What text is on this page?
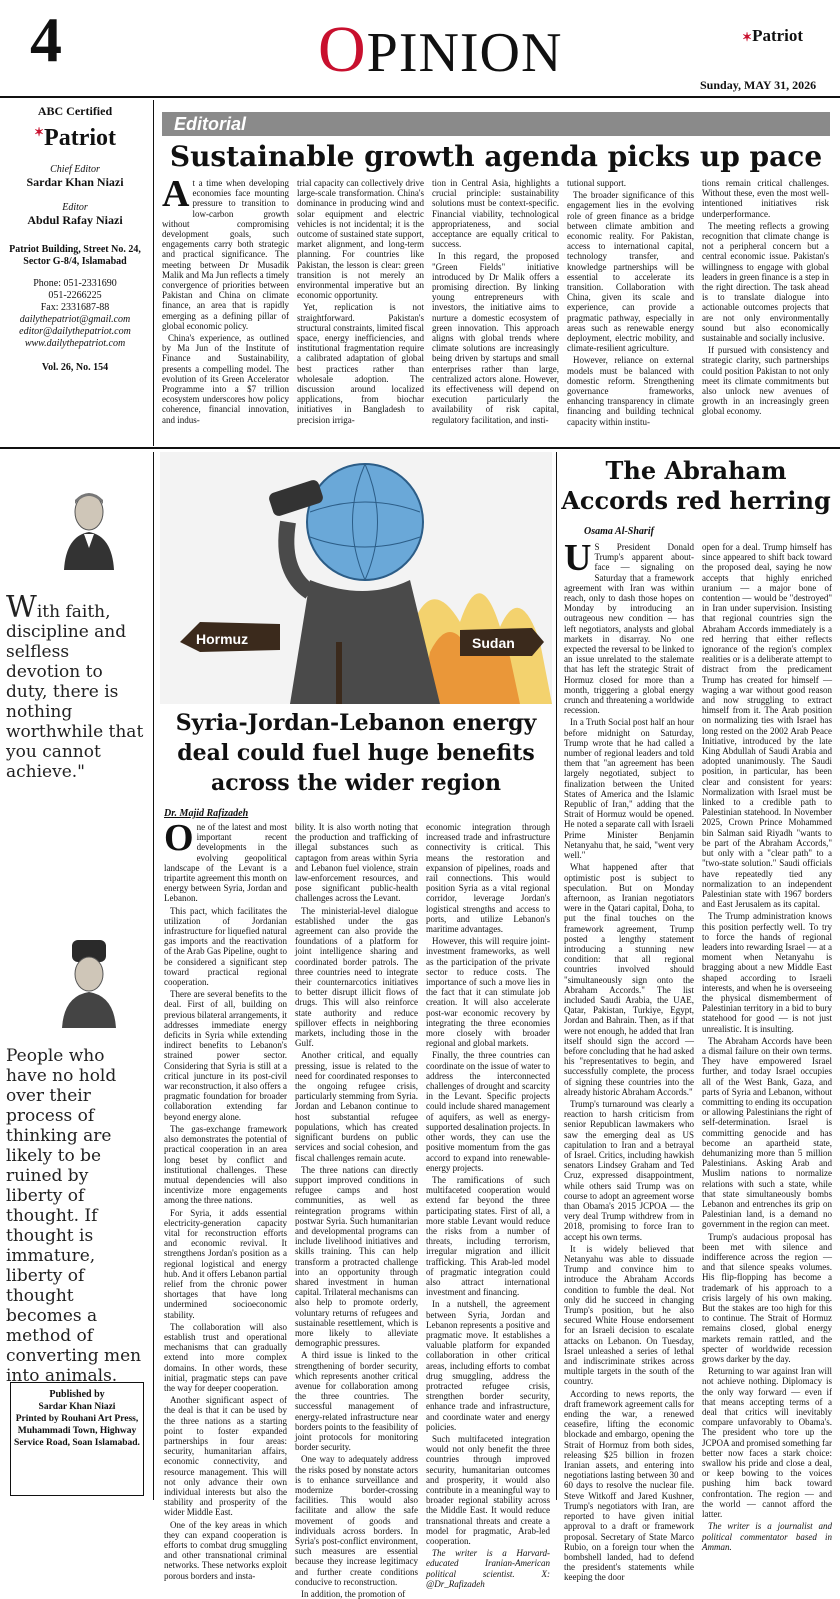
4	OPINION	✶Patriot
Sunday, MAY 31, 2026
ABC Certified
✶Patriot
Chief Editor
Sardar Khan Niazi
Editor
Abdul Rafay Niazi
Patriot Building, Street No. 24, Sector G-8/4, Islamabad
Phone: 051-2331690
051-2266225
Fax: 2331687-88
dailythepatriot@gmail.com
editor@dailythepatriot.com
www.dailythepatriot.com
Vol. 26, No. 154
Editorial
Sustainable growth agenda picks up pace
A t a time when developing economies face mounting pressure to transition to low-carbon growth without compromising development goals, such engagements carry both strategic and practical significance. The meeting between Dr Musadik Malik and Ma Jun reflects a timely convergence of priorities between Pakistan and China on climate finance, an area that is rapidly emerging as a defining pillar of global economic policy.

China's experience, as outlined by Ma Jun of the Institute of Finance and Sustainability, presents a compelling model. The evolution of its Green Accelerator Programme into a $7 trillion ecosystem underscores how policy coherence, financial innovation, and indus-

trial capacity can collectively drive large-scale transformation. China's dominance in producing wind and solar equipment and electric vehicles is not incidental; it is the outcome of sustained state support, market alignment, and long-term planning. For countries like Pakistan, the lesson is clear: green transition is not merely an environmental imperative but an economic opportunity.

Yet, replication is not straightforward. Pakistan's structural constraints, limited fiscal space, energy inefficiencies, and institutional fragmentation require a calibrated adaptation of global best practices rather than wholesale adoption. The discussion around localized applications, from biochar initiatives in Bangladesh to precision irriga-

tion in Central Asia, highlights a crucial principle: sustainability solutions must be context-specific. Financial viability, technological appropriateness, and social acceptance are equally critical to success.

In this regard, the proposed "Green Fields" initiative introduced by Dr Malik offers a promising direction. By linking young entrepreneurs with investors, the initiative aims to nurture a domestic ecosystem of green innovation. This approach aligns with global trends where climate solutions are increasingly being driven by startups and small enterprises rather than large, centralized actors alone. However, its effectiveness will depend on execution particularly the availability of risk capital, regulatory facilitation, and insti-

tutional support.

The broader significance of this engagement lies in the evolving role of green finance as a bridge between climate ambition and economic reality. For Pakistan, access to international capital, technology transfer, and knowledge partnerships will be essential to accelerate its transition. Collaboration with China, given its scale and experience, can provide a pragmatic pathway, especially in areas such as renewable energy deployment, electric mobility, and climate-resilient agriculture.

However, reliance on external models must be balanced with domestic reform. Strengthening governance frameworks, enhancing transparency in climate financing and building technical capacity within institu-

tions remain critical challenges. Without these, even the most well-intentioned initiatives risk underperformance.

The meeting reflects a growing recognition that climate change is not a peripheral concern but a central economic issue. Pakistan's willingness to engage with global leaders in green finance is a step in the right direction. The task ahead is to translate dialogue into actionable outcomes projects that are not only environmentally sound but also economically sustainable and socially inclusive.

If pursued with consistency and strategic clarity, such partnerships could position Pakistan to not only meet its climate commitments but also unlock new avenues of growth in an increasingly green global economy.

With faith, discipline and selfless devotion to duty, there is nothing worthwhile that you cannot achieve."
People who have no hold over their process of thinking are likely to be ruined by liberty of thought. If thought is immature, liberty of thought becomes a method of converting men into animals.
Published by
Sardar Khan Niazi
Printed by Rouhani Art Press, Muhammadi Town, Highway Service Road, Soan Islamabad.
Hormuz	Sudan
Syria-Jordan-Lebanon energy deal could fuel huge benefits across the wider region
Dr. Majid Rafizadeh
O ne of the latest and most important recent developments in the evolving geopolitical landscape of the Levant is a tripartite agreement this month on energy between Syria, Jordan and Lebanon.

This pact, which facilitates the utilization of Jordanian infrastructure for liquefied natural gas imports and the reactivation of the Arab Gas Pipeline, ought to be considered a significant step toward practical regional cooperation.

There are several benefits to the deal. First of all, building on previous bilateral arrangements, it addresses immediate energy deficits in Syria while extending indirect benefits to Lebanon's strained power sector. Considering that Syria is still at a critical juncture in its post-civil war reconstruction, it also offers a pragmatic foundation for broader collaboration extending far beyond energy alone.

The gas-exchange framework also demonstrates the potential of practical cooperation in an area long beset by conflict and institutional challenges. These mutual dependencies will also incentivize more engagements among the three nations.

For Syria, it adds essential electricity-generation capacity vital for reconstruction efforts and economic revival. It strengthens Jordan's position as a regional logistical and energy hub. And it offers Lebanon partial relief from the chronic power shortages that have long undermined socioeconomic stability.

The collaboration will also establish trust and operational mechanisms that can gradually extend into more complex domains. In other words, these initial, pragmatic steps can pave the way for deeper cooperation.

Another significant aspect of the deal is that it can be used by the three nations as a starting point to foster expanded partnerships in four areas: security, humanitarian affairs, economic connectivity, and resource management. This will not only advance their own individual interests but also the stability and prosperity of the wider Middle East.

One of the key areas in which they can expand cooperation is efforts to combat drug smuggling and other transnational criminal networks. These networks exploit porous borders and insta-

bility. It is also worth noting that the production and trafficking of illegal substances such as captagon from areas within Syria and Lebanon fuel violence, strain law-enforcement resources, and pose significant public-health challenges across the Levant.

The ministerial-level dialogue established under the gas agreement can also provide the foundations of a platform for joint intelligence sharing and coordinated border patrols. The three countries need to integrate their counternarcotics initiatives to better disrupt illicit flows of drugs. This will also reinforce state authority and reduce spillover effects in neighboring markets, including those in the Gulf.

Another critical, and equally pressing, issue is related to the need for coordinated responses to the ongoing refugee crisis, particularly stemming from Syria. Jordan and Lebanon continue to host substantial refugee populations, which has created significant burdens on public services and social cohesion, and fiscal challenges remain acute.

The three nations can directly support improved conditions in refugee camps and host communities, as well as reintegration programs within postwar Syria. Such humanitarian and developmental programs can include livelihood initiatives and skills training. This can help transform a protracted challenge into an opportunity through shared investment in human capital. Trilateral mechanisms can also help to promote orderly, voluntary returns of refugees and sustainable resettlement, which is more likely to alleviate demographic pressures.

A third issue is linked to the strengthening of border security, which represents another critical avenue for collaboration among the three countries. The successful management of energy-related infrastructure near borders points to the feasibility of joint protocols for monitoring border security.

One way to adequately address the risks posed by nonstate actors is to enhance surveillance and modernize border-crossing facilities. This would also facilitate and allow the safe movement of goods and individuals across borders. In Syria's post-conflict environment, such measures are essential because they increase legitimacy and further create conditions conducive to reconstruction.

In addition, the promotion of

economic integration through increased trade and infrastructure connectivity is critical. This means the restoration and expansion of pipelines, roads and rail connections. This would position Syria as a vital regional corridor, leverage Jordan's logistical strengths and access to ports, and utilize Lebanon's maritime advantages.

However, this will require joint-investment frameworks, as well as the participation of the private sector to reduce costs. The importance of such a move lies in the fact that it can stimulate job creation. It will also accelerate post-war economic recovery by integrating the three economies more closely with broader regional and global markets.

Finally, the three countries can coordinate on the issue of water to address the interconnected challenges of drought and scarcity in the Levant. Specific projects could include shared management of aquifers, as well as energy-supported desalination projects. In other words, they can use the positive momentum from the gas accord to expand into renewable-energy projects.

The ramifications of such multifaceted cooperation would extend far beyond the three participating states. First of all, a more stable Levant would reduce the risks from a number of threats, including terrorism, irregular migration and illicit trafficking. This Arab-led model of pragmatic integration could also attract international investment and financing.

In a nutshell, the agreement between Syria, Jordan and Lebanon represents a positive and pragmatic move. It establishes a valuable platform for expanded collaboration in other critical areas, including efforts to combat drug smuggling, address the protracted refugee crisis, strengthen border security, enhance trade and infrastructure, and coordinate water and energy policies.

Such multifaceted integration would not only benefit the three countries through improved security, humanitarian outcomes and prosperity, it would also contribute in a meaningful way to broader regional stability across the Middle East. It would reduce transnational threats and create a model for pragmatic, Arab-led cooperation.

The writer is a Harvard-educated Iranian-American political scientist. X: @Dr_Rafizadeh

The Abraham Accords red herring
Osama Al-Sharif
U S President Donald Trump's apparent about-face — signaling on Saturday that a framework agreement with Iran was within reach, only to dash those hopes on Monday by introducing an outrageous new condition — has left negotiators, analysts and global markets in disarray. No one expected the reversal to be linked to an issue unrelated to the stalemate that has left the strategic Strait of Hormuz closed for more than a month, triggering a global energy crunch and threatening a worldwide recession.

In a Truth Social post half an hour before midnight on Saturday, Trump wrote that he had called a number of regional leaders and told them that "an agreement has been largely negotiated, subject to finalization between the United States of America and the Islamic Republic of Iran," adding that the Strait of Hormuz would be opened. He noted a separate call with Israeli Prime Minister Benjamin Netanyahu that, he said, "went very well."

What happened after that optimistic post is subject to speculation. But on Monday afternoon, as Iranian negotiators were in the Qatari capital, Doha, to put the final touches on the framework agreement, Trump posted a lengthy statement introducing a stunning new condition: that all regional countries involved should "simultaneously sign onto the Abraham Accords." The list included Saudi Arabia, the UAE, Qatar, Pakistan, Turkiye, Egypt, Jordan and Bahrain. Then, as if that were not enough, he added that Iran itself should sign the accord — before concluding that he had asked his "representatives to begin, and successfully complete, the process of signing these countries into the already historic Abraham Accords."

Trump's turnaround was clearly a reaction to harsh criticism from senior Republican lawmakers who saw the emerging deal as US capitulation to Iran and a betrayal of Israel. Critics, including hawkish senators Lindsey Graham and Ted Cruz, expressed disappointment, while others said Trump was on course to adopt an agreement worse than Obama's 2015 JCPOA — the very deal Trump withdrew from in 2018, promising to force Iran to accept his own terms.

It is widely believed that Netanyahu was able to dissuade Trump and convince him to introduce the Abraham Accords condition to fumble the deal. Not only did he succeed in changing Trump's position, but he also secured White House endorsement for an Israeli decision to escalate attacks on Lebanon. On Tuesday, Israel unleashed a series of lethal and indiscriminate strikes across multiple targets in the south of the country.

According to news reports, the draft framework agreement calls for ending the war, a renewed ceasefire, lifting the economic blockade and embargo, opening the Strait of Hormuz from both sides, releasing $25 billion in frozen Iranian assets, and entering into negotiations lasting between 30 and 60 days to resolve the nuclear file. Steve Witkoff and Jared Kushner, Trump's negotiators with Iran, are reported to have given initial approval to a draft or framework proposal. Secretary of State Marco Rubio, on a foreign tour when the bombshell landed, had to defend the president's statements while keeping the door

open for a deal. Trump himself has since appeared to shift back toward the proposed deal, saying he now accepts that highly enriched uranium — a major bone of contention — would be "destroyed" in Iran under supervision. Insisting that regional countries sign the Abraham Accords immediately is a red herring that either reflects ignorance of the region's complex realities or is a deliberate attempt to distract from the predicament Trump has created for himself — waging a war without good reason and now struggling to extract himself from it. The Arab position on normalizing ties with Israel has long rested on the 2002 Arab Peace Initiative, introduced by the late King Abdullah of Saudi Arabia and adopted unanimously. The Saudi position, in particular, has been clear and consistent for years: Normalization with Israel must be linked to a credible path to Palestinian statehood. In November 2025, Crown Prince Mohammed bin Salman said Riyadh "wants to be part of the Abraham Accords," but only with a "clear path" to a "two-state solution." Saudi officials have repeatedly tied any normalization to an independent Palestinian state with 1967 borders and East Jerusalem as its capital.

The Trump administration knows this position perfectly well. To try to force the hands of regional leaders into rewarding Israel — at a moment when Netanyahu is bragging about a new Middle East shaped according to Israeli interests, and when he is overseeing the physical dismemberment of Palestinian territory in a bid to bury statehood for good — is not just unrealistic. It is insulting.

The Abraham Accords have been a dismal failure on their own terms. They have empowered Israel further, and today Israel occupies all of the West Bank, Gaza, and parts of Syria and Lebanon, without committing to ending its occupation or allowing Palestinians the right of self-determination. Israel is committing genocide and has become an apartheid state, dehumanizing more than 5 million Palestinians. Asking Arab and Muslim nations to normalize relations with such a state, while that state simultaneously bombs Lebanon and entrenches its grip on Palestinian land, is a demand no government in the region can meet.

Trump's audacious proposal has been met with silence and indifference across the region — and that silence speaks volumes. His flip-flopping has become a trademark of his approach to a crisis largely of his own making. But the stakes are too high for this to continue. The Strait of Hormuz remains closed, global energy markets remain rattled, and the specter of worldwide recession grows darker by the day.

Returning to war against Iran will not achieve nothing. Diplomacy is the only way forward — even if that means accepting terms of a deal that critics will inevitably compare unfavorably to Obama's. The president who tore up the JCPOA and promised something far better now faces a stark choice: swallow his pride and close a deal, or keep bowing to the voices pushing him back toward confrontation. The region — and the world — cannot afford the latter.

The writer is a journalist and political commentator based in Amman.
